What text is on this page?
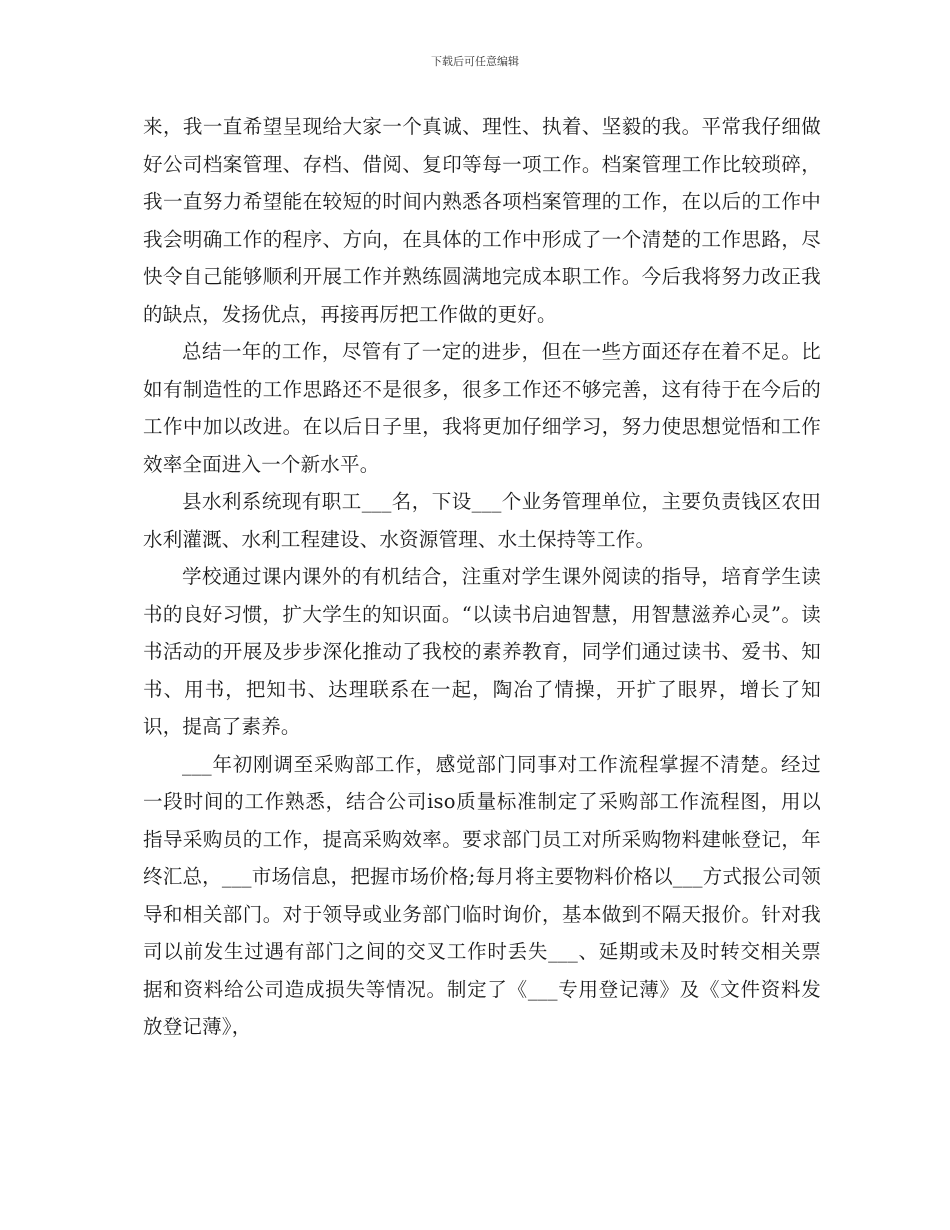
下载后可任意编辑

来，我一直希望呈现给大家一个真诚、理性、执着、坚毅的我。平常我仔细做好公司档案管理、存档、借阅、复印等每一项工作。档案管理工作比较琐碎，我一直努力希望能在较短的时间内熟悉各项档案管理的工作，在以后的工作中我会明确工作的程序、方向，在具体的工作中形成了一个清楚的工作思路，尽快令自己能够顺利开展工作并熟练圆满地完成本职工作。今后我将努力改正我的缺点，发扬优点，再接再厉把工作做的更好。

总结一年的工作，尽管有了一定的进步，但在一些方面还存在着不足。比如有制造性的工作思路还不是很多，很多工作还不够完善，这有待于在今后的工作中加以改进。在以后日子里，我将更加仔细学习，努力使思想觉悟和工作效率全面进入一个新水平。

县水利系统现有职工___名，下设___个业务管理单位，主要负责钱区农田水利灌溉、水利工程建设、水资源管理、水土保持等工作。

学校通过课内课外的有机结合，注重对学生课外阅读的指导，培育学生读书的良好习惯，扩大学生的知识面。“以读书启迪智慧，用智慧滋养心灵”。读书活动的开展及步步深化推动了我校的素养教育，同学们通过读书、爱书、知书、用书，把知书、达理联系在一起，陶冶了情操，开扩了眼界，增长了知识，提高了素养。

___年初刚调至采购部工作，感觉部门同事对工作流程掌握不清楚。经过一段时间的工作熟悉，结合公司iso质量标准制定了采购部工作流程图，用以指导采购员的工作，提高采购效率。要求部门员工对所采购物料建帐登记，年终汇总，___市场信息，把握市场价格;每月将主要物料价格以___方式报公司领导和相关部门。对于领导或业务部门临时询价，基本做到不隔天报价。针对我司以前发生过遇有部门之间的交叉工作时丢失___、延期或未及时转交相关票据和资料给公司造成损失等情况。制定了《___专用登记薄》及《文件资料发放登记薄》，
